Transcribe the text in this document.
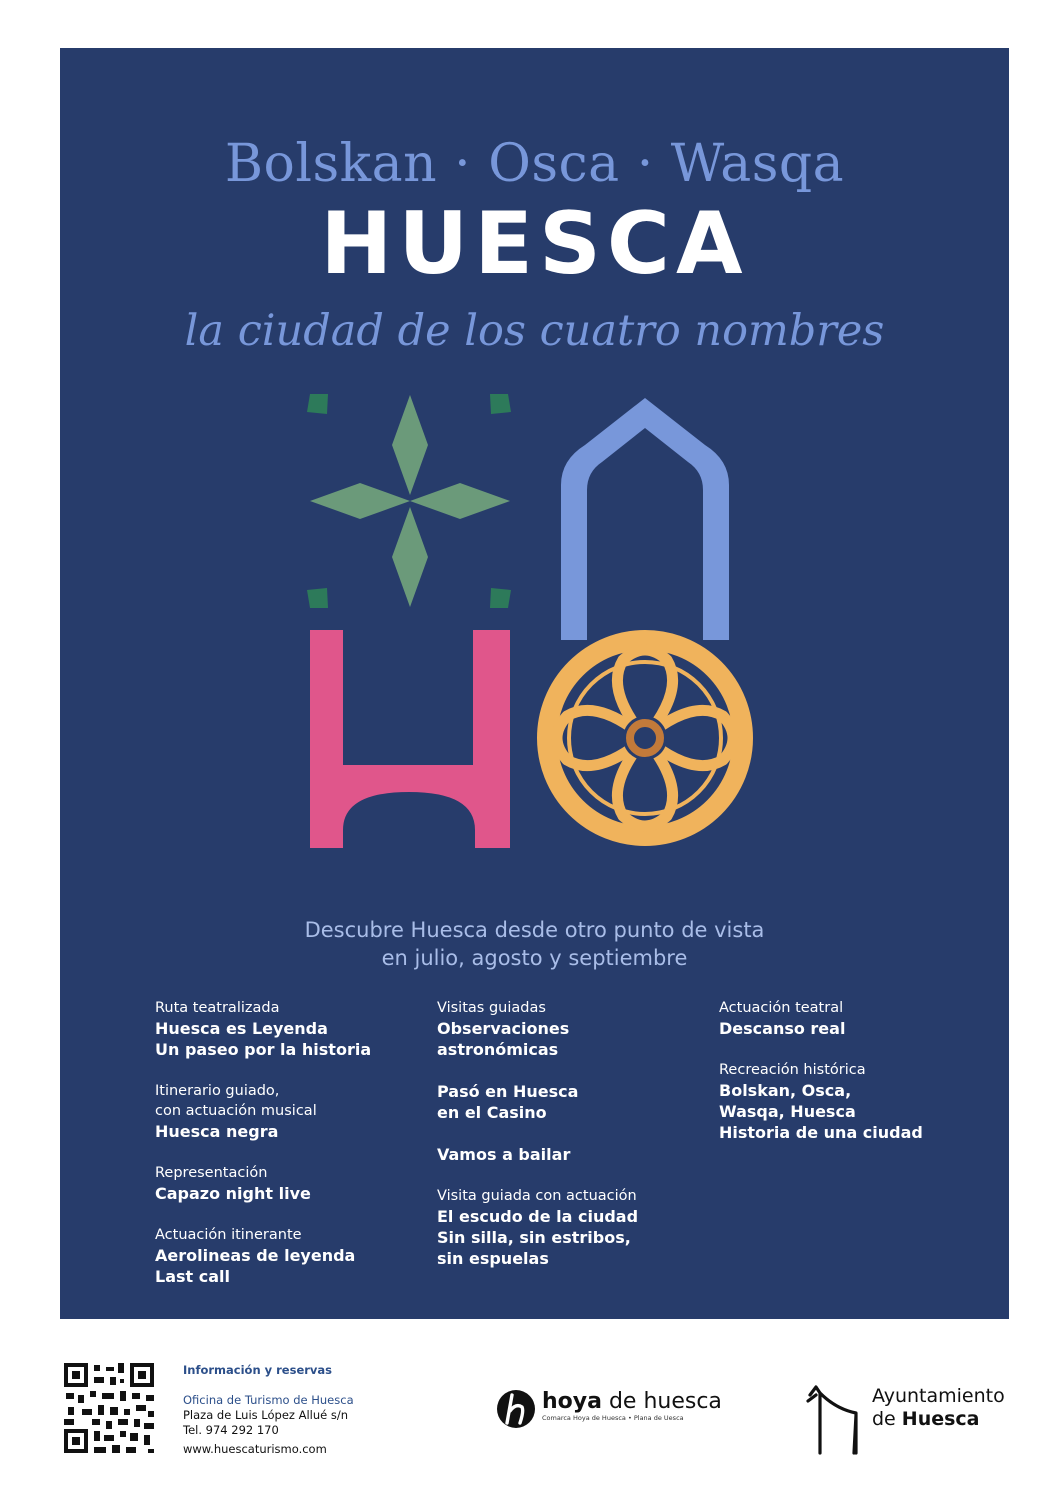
Bolskan · Osca · Wasqa
HUESCA
la ciudad de los cuatro nombres
Descubre Huesca desde otro punto de vista
en julio, agosto y septiembre
Ruta teatralizada
Huesca es Leyenda
Un paseo por la historia
Itinerario guiado,
con actuación musical
Huesca negra
Representación
Capazo night live
Actuación itinerante
Aerolineas de leyenda
Last call
Visitas guiadas
Observaciones
astronómicas
Pasó en Huesca
en el Casino
Vamos a bailar
Visita guiada con actuación
El escudo de la ciudad
Sin silla, sin estribos,
sin espuelas
Actuación teatral
Descanso real
Recreación histórica
Bolskan, Osca,
Wasqa, Huesca
Historia de una ciudad
Información y reservas
Oficina de Turismo de Huesca
Plaza de Luis López Allué s/n
Tel. 974 292 170
www.huescaturismo.com
hoya de huesca
Comarca Hoya de Huesca • Plana de Uesca
Ayuntamiento
de Huesca
